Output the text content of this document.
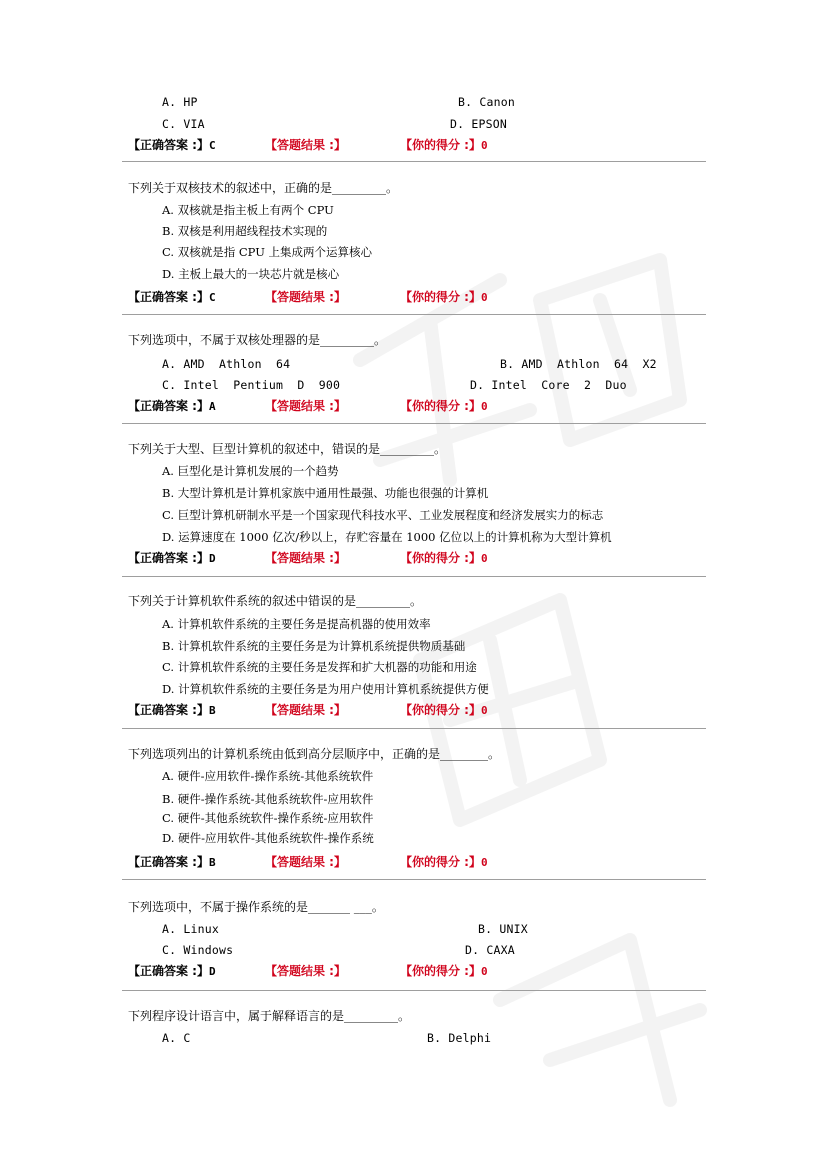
A. HP	B. Canon
C. VIA	D. EPSON
【正确答案 :】C	【答题结果 :】	【你的得分 :】0
下列关于双核技术的叙述中，正确的是_________。
A. 双核就是指主板上有两个 CPU
B. 双核是利用超线程技术实现的
C. 双核就是指 CPU 上集成两个运算核心
D. 主板上最大的一块芯片就是核心
【正确答案 :】C	【答题结果 :】	【你的得分 :】0
下列选项中，不属于双核处理器的是_________。
A. AMD  Athlon  64	B. AMD  Athlon  64  X2
C. Intel  Pentium  D  900	D. Intel  Core  2  Duo
【正确答案 :】A	【答题结果 :】	【你的得分 :】0
下列关于大型、巨型计算机的叙述中，错误的是_________。
A. 巨型化是计算机发展的一个趋势
B. 大型计算机是计算机家族中通用性最强、功能也很强的计算机
C. 巨型计算机研制水平是一个国家现代科技水平、工业发展程度和经济发展实力的标志
D. 运算速度在 1000 亿次/秒以上，存贮容量在 1000 亿位以上的计算机称为大型计算机
【正确答案 :】D	【答题结果 :】	【你的得分 :】0
下列关于计算机软件系统的叙述中错误的是_________。
A. 计算机软件系统的主要任务是提高机器的使用效率
B. 计算机软件系统的主要任务是为计算机系统提供物质基础
C. 计算机软件系统的主要任务是发挥和扩大机器的功能和用途
D. 计算机软件系统的主要任务是为用户使用计算机系统提供方便
【正确答案 :】B	【答题结果 :】	【你的得分 :】0
下列选项列出的计算机系统由低到高分层顺序中，正确的是________。
A. 硬件-应用软件-操作系统-其他系统软件
B. 硬件-操作系统-其他系统软件-应用软件
C. 硬件-其他系统软件-操作系统-应用软件
D. 硬件-应用软件-其他系统软件-操作系统
【正确答案 :】B	【答题结果 :】	【你的得分 :】0
下列选项中，不属于操作系统的是_______ ___。
A. Linux	B. UNIX
C. Windows	D. CAXA
【正确答案 :】D	【答题结果 :】	【你的得分 :】0
下列程序设计语言中，属于解释语言的是_________。
A. C	B. Delphi
